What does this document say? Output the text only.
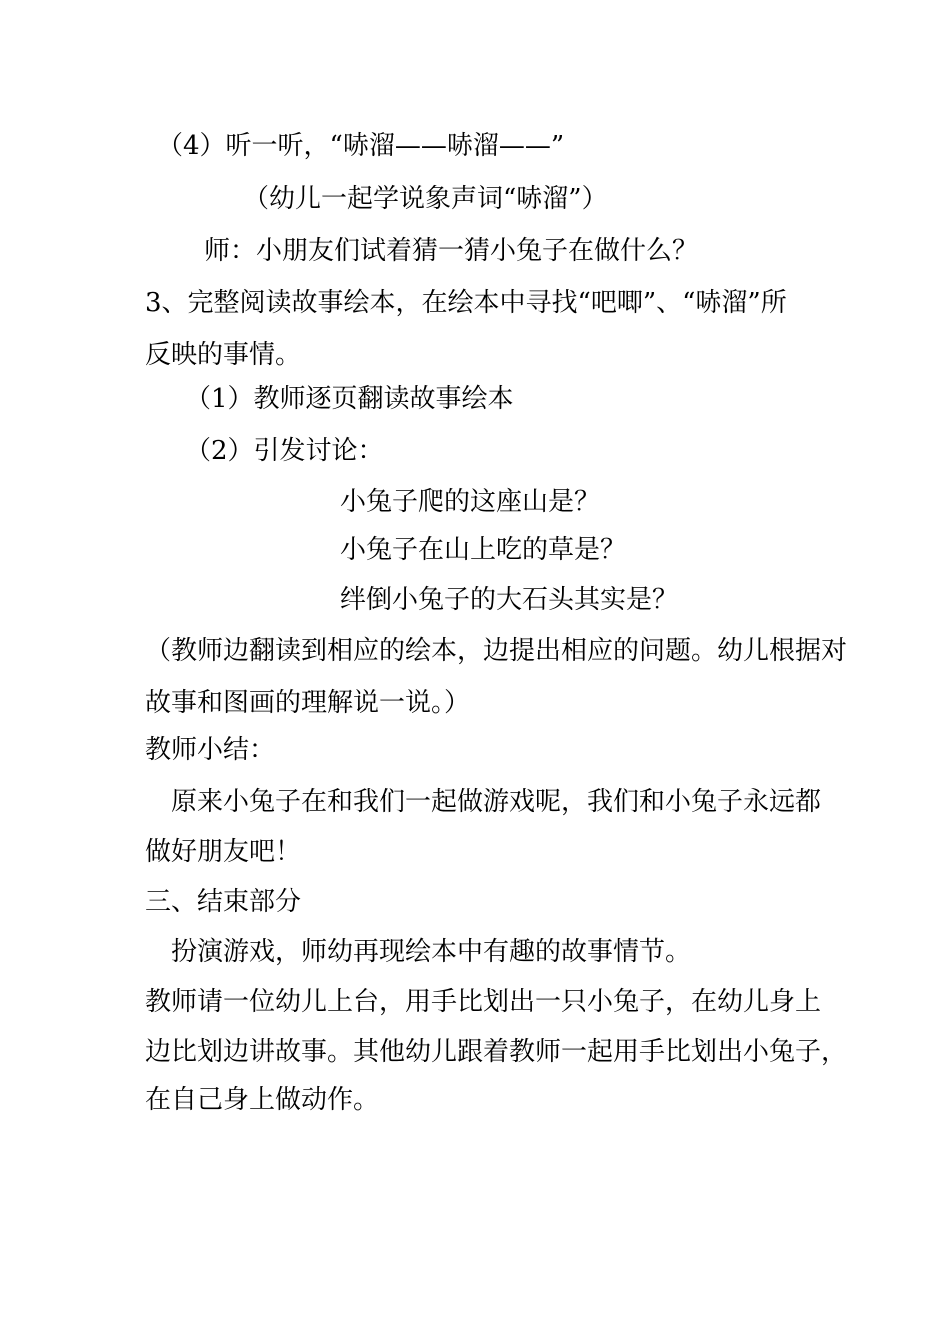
（4）听一听，“哧溜——哧溜——”
（幼儿一起学说象声词“哧溜”）
师：小朋友们试着猜一猜小兔子在做什么？
3、完整阅读故事绘本，在绘本中寻找“吧唧”、“哧溜”所
反映的事情。
（1）教师逐页翻读故事绘本
（2）引发讨论：
小兔子爬的这座山是？
小兔子在山上吃的草是？
绊倒小兔子的大石头其实是？
（教师边翻读到相应的绘本，边提出相应的问题。幼儿根据对
故事和图画的理解说一说。）
教师小结：
原来小兔子在和我们一起做游戏呢，我们和小兔子永远都
做好朋友吧！
三、结束部分
扮演游戏，师幼再现绘本中有趣的故事情节。
教师请一位幼儿上台，用手比划出一只小兔子，在幼儿身上
边比划边讲故事。其他幼儿跟着教师一起用手比划出小兔子，
在自己身上做动作。
